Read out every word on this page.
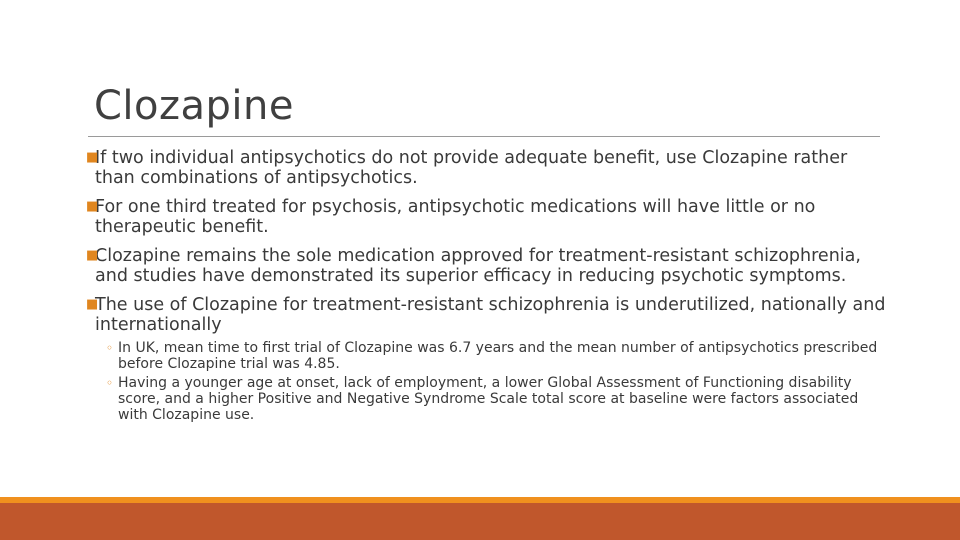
Clozapine
■
If two individual antipsychotics do not provide adequate benefit, use Clozapine rather than combinations of antipsychotics.
■
For one third treated for psychosis, antipsychotic medications will have little or no therapeutic benefit.
■
Clozapine remains the sole medication approved for treatment-resistant schizophrenia, and studies have demonstrated its superior efficacy in reducing psychotic symptoms.
■
The use of Clozapine for treatment-resistant schizophrenia is underutilized, nationally and internationally
◦ In UK, mean time to first trial of Clozapine was 6.7 years and the mean number of antipsychotics prescribed before Clozapine trial was 4.85.
◦ Having a younger age at onset, lack of employment, a lower Global Assessment of Functioning disability score, and a higher Positive and Negative Syndrome Scale total score at baseline were factors associated with Clozapine use.
